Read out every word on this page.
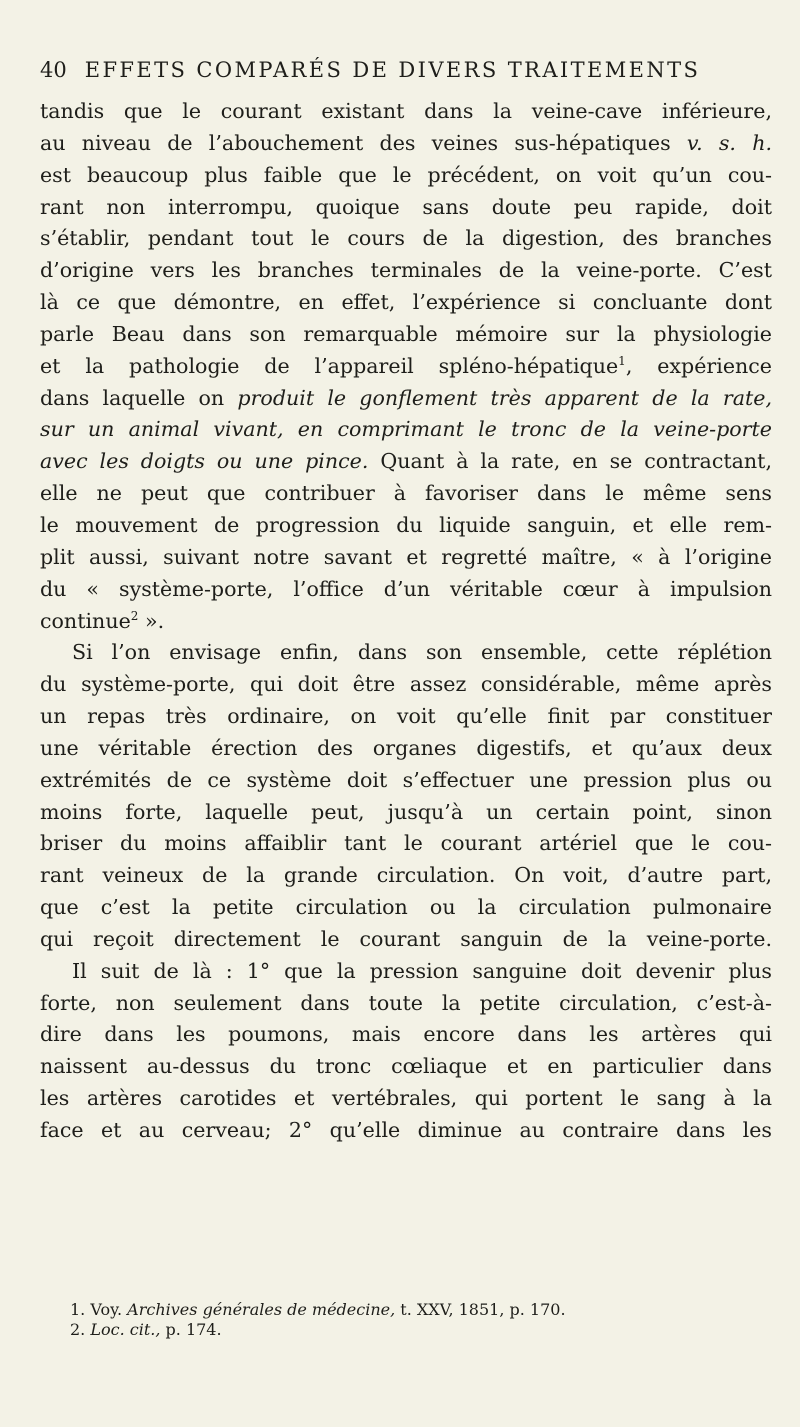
40 EFFETS COMPARÉS DE DIVERS TRAITEMENTS
tandis que le courant existant dans la veine-cave inférieure,
au niveau de l’abouchement des veines sus-hépatiques v. s. h.
est beaucoup plus faible que le précédent, on voit qu’un cou-
rant non interrompu, quoique sans doute peu rapide, doit
s’établir, pendant tout le cours de la digestion, des branches
d’origine vers les branches terminales de la veine-porte. C’est
là ce que démontre, en effet, l’expérience si concluante dont
parle Beau dans son remarquable mémoire sur la physiologie
et la pathologie de l’appareil spléno-hépatique$^1$, expérience
dans laquelle on produit le gonflement très apparent de la rate,
sur un animal vivant, en comprimant le tronc de la veine-porte
avec les doigts ou une pince. Quant à la rate, en se contractant,
elle ne peut que contribuer à favoriser dans le même sens
le mouvement de progression du liquide sanguin, et elle rem-
plit aussi, suivant notre savant et regretté maître, « à l’origine
du « système-porte, l’office d’un véritable cœur à impulsion
continue$^2$ ».
Si l’on envisage enfin, dans son ensemble, cette réplétion
du système-porte, qui doit être assez considérable, même après
un repas très ordinaire, on voit qu’elle finit par constituer
une véritable érection des organes digestifs, et qu’aux deux
extrémités de ce système doit s’effectuer une pression plus ou
moins forte, laquelle peut, jusqu’à un certain point, sinon
briser du moins affaiblir tant le courant artériel que le cou-
rant veineux de la grande circulation. On voit, d’autre part,
que c’est la petite circulation ou la circulation pulmonaire
qui reçoit directement le courant sanguin de la veine-porte.
Il suit de là : 1° que la pression sanguine doit devenir plus
forte, non seulement dans toute la petite circulation, c’est-à-
dire dans les poumons, mais encore dans les artères qui
naissent au-dessus du tronc cœliaque et en particulier dans
les artères carotides et vertébrales, qui portent le sang à la
face et au cerveau; 2° qu’elle diminue au contraire dans les
1. Voy. Archives générales de médecine, t. XXV, 1851, p. 170.
2. Loc. cit., p. 174.
